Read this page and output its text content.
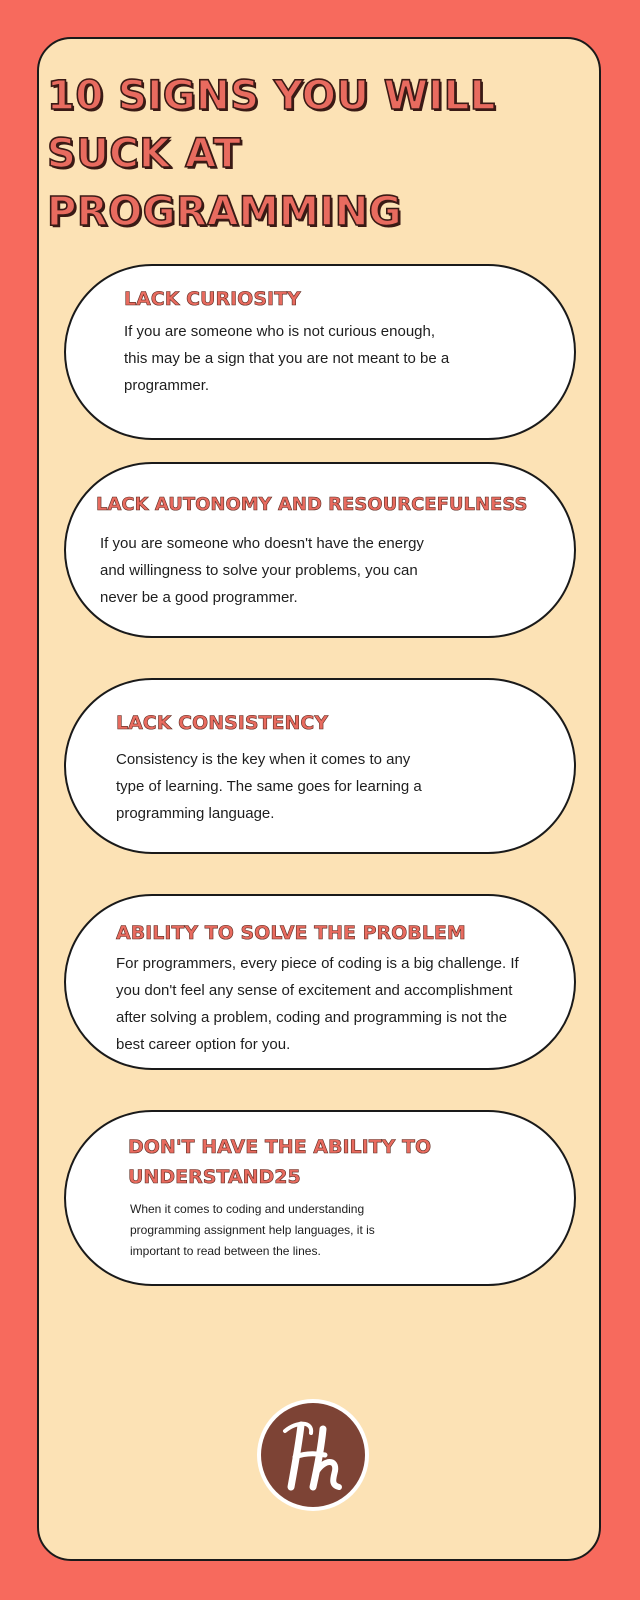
10 SIGNS YOU WILL SUCK AT PROGRAMMING
LACK CURIOSITY

If you are someone who is not curious enough, this may be a sign that you are not meant to be a programmer.

LACK AUTONOMY AND RESOURCEFULNESS

If you are someone who doesn't have the energy and willingness to solve your problems, you can never be a good programmer.

LACK CONSISTENCY

Consistency is the key when it comes to any type of learning. The same goes for learning a programming language.

ABILITY TO SOLVE THE PROBLEM

For programmers, every piece of coding is a big challenge. If you don't feel any sense of excitement and accomplishment after solving a problem, coding and programming is not the best career option for you.

DON'T HAVE THE ABILITY TO UNDERSTAND25

When it comes to coding and understanding programming assignment help languages, it is important to read between the lines.
